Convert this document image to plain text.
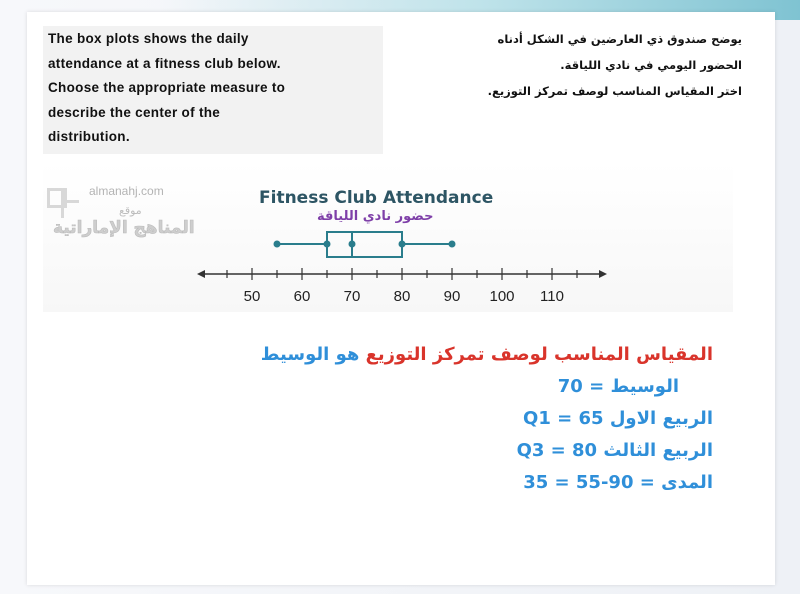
The box plots shows the daily
attendance at a fitness club below.
Choose the appropriate measure to
describe the center of the
distribution.
يوضح صندوق ذي العارضين في الشكل أدناه
الحضور اليومي في نادي اللياقة.
اختر المقياس المناسب لوصف تمركز التوزيع.
almanahj.com
موقع
المناهج الإماراتية
Fitness Club Attendance
حضور نادي اللياقة
50 60 70 80 90 100 110
المقياس المناسب لوصف تمركز التوزيع هو الوسيط
الوسيط = 70
الربيع الاول Q1 = 65
الربيع الثالث Q3 = 80
المدى = 90-55 = 35
